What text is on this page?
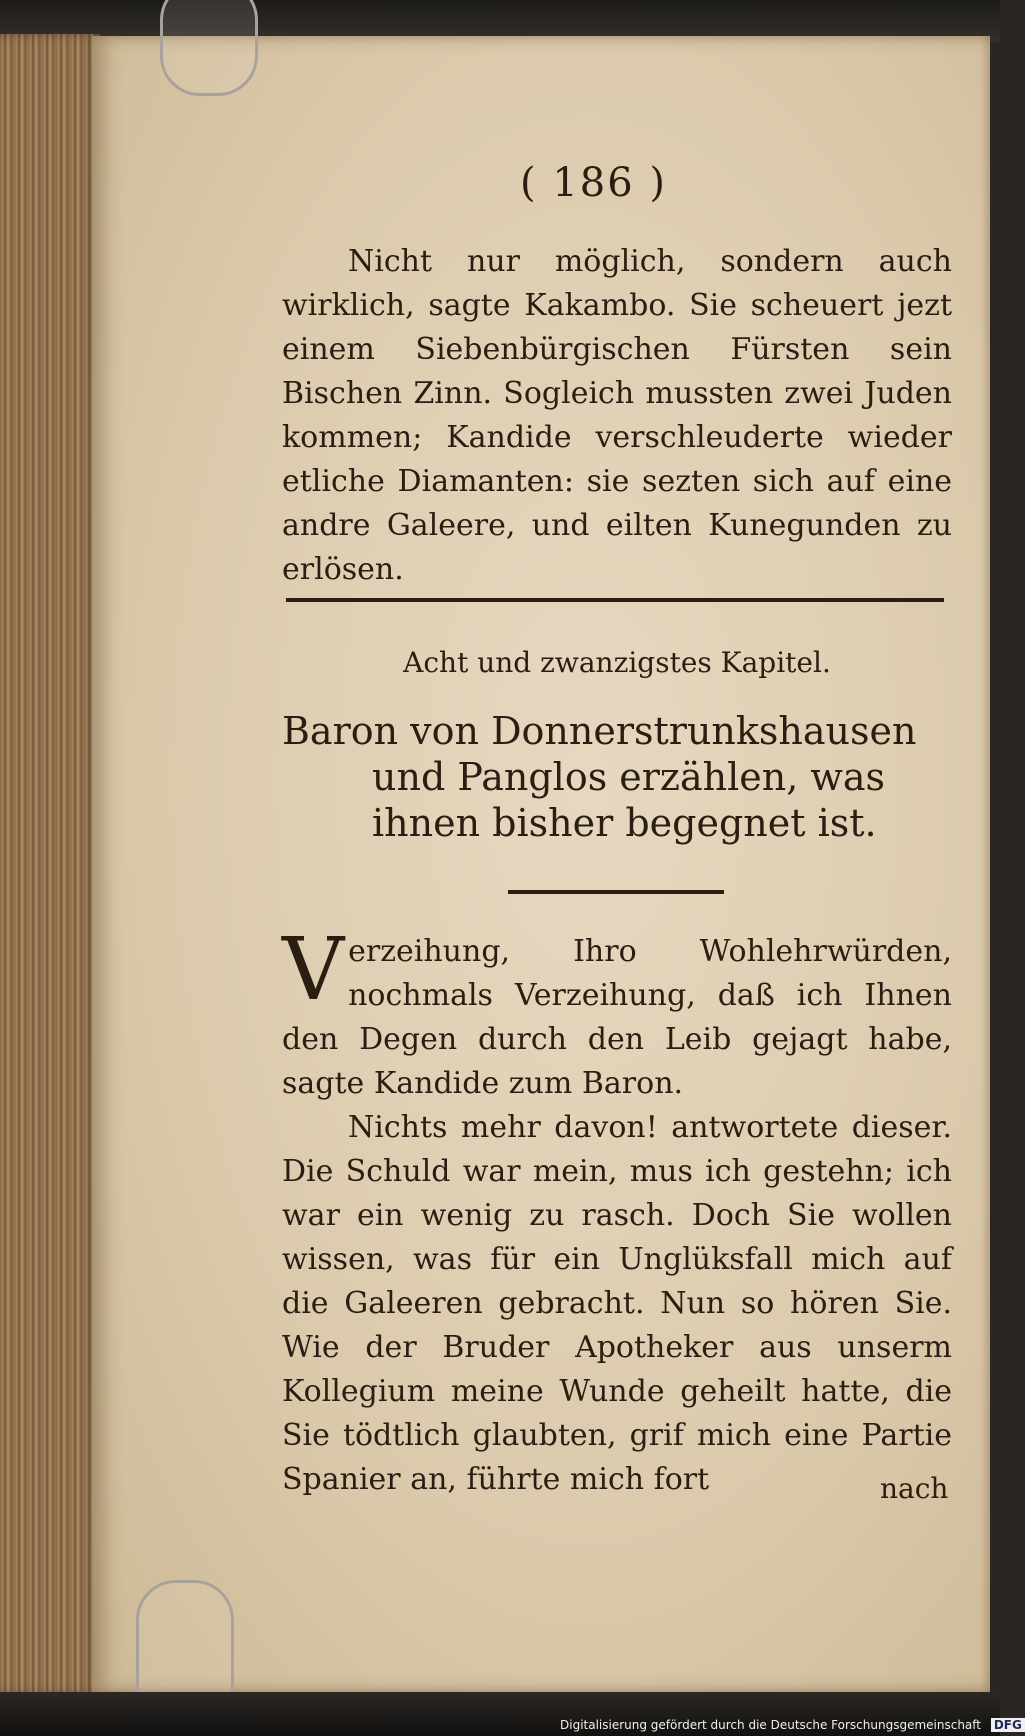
( 186 )
Nicht nur möglich, sondern auch wirklich, sagte Kakambo. Sie scheuert jezt einem Siebenbürgischen Fürsten sein Bischen Zinn. Sogleich mussten zwei Juden kommen; Kandide verschleuderte wieder etliche Diamanten: sie sezten sich auf eine andre Galeere, und eilten Kunegunden zu erlösen.
Acht und zwanzigstes Kapitel.
Baron von Donnerstrunkshausen
und Panglos erzählen, was ihnen bisher begegnet ist.
Verzeihung, Ihro Wohlehrwürden, nochmals Verzeihung, daß ich Ihnen den Degen durch den Leib gejagt habe, sagte Kandide zum Baron.
Nichts mehr davon! antwortete dieser. Die Schuld war mein, mus ich gestehn; ich war ein wenig zu rasch. Doch Sie wollen wissen, was für ein Unglüksfall mich auf die Galeeren gebracht. Nun so hören Sie. Wie der Bruder Apotheker aus unserm Kollegium meine Wunde geheilt hatte, die Sie tödtlich glaubten, grif mich eine Partie Spanier an, führte mich fort	nach
Digitalisierung gefördert durch die Deutsche Forschungsgemeinschaft DFG
